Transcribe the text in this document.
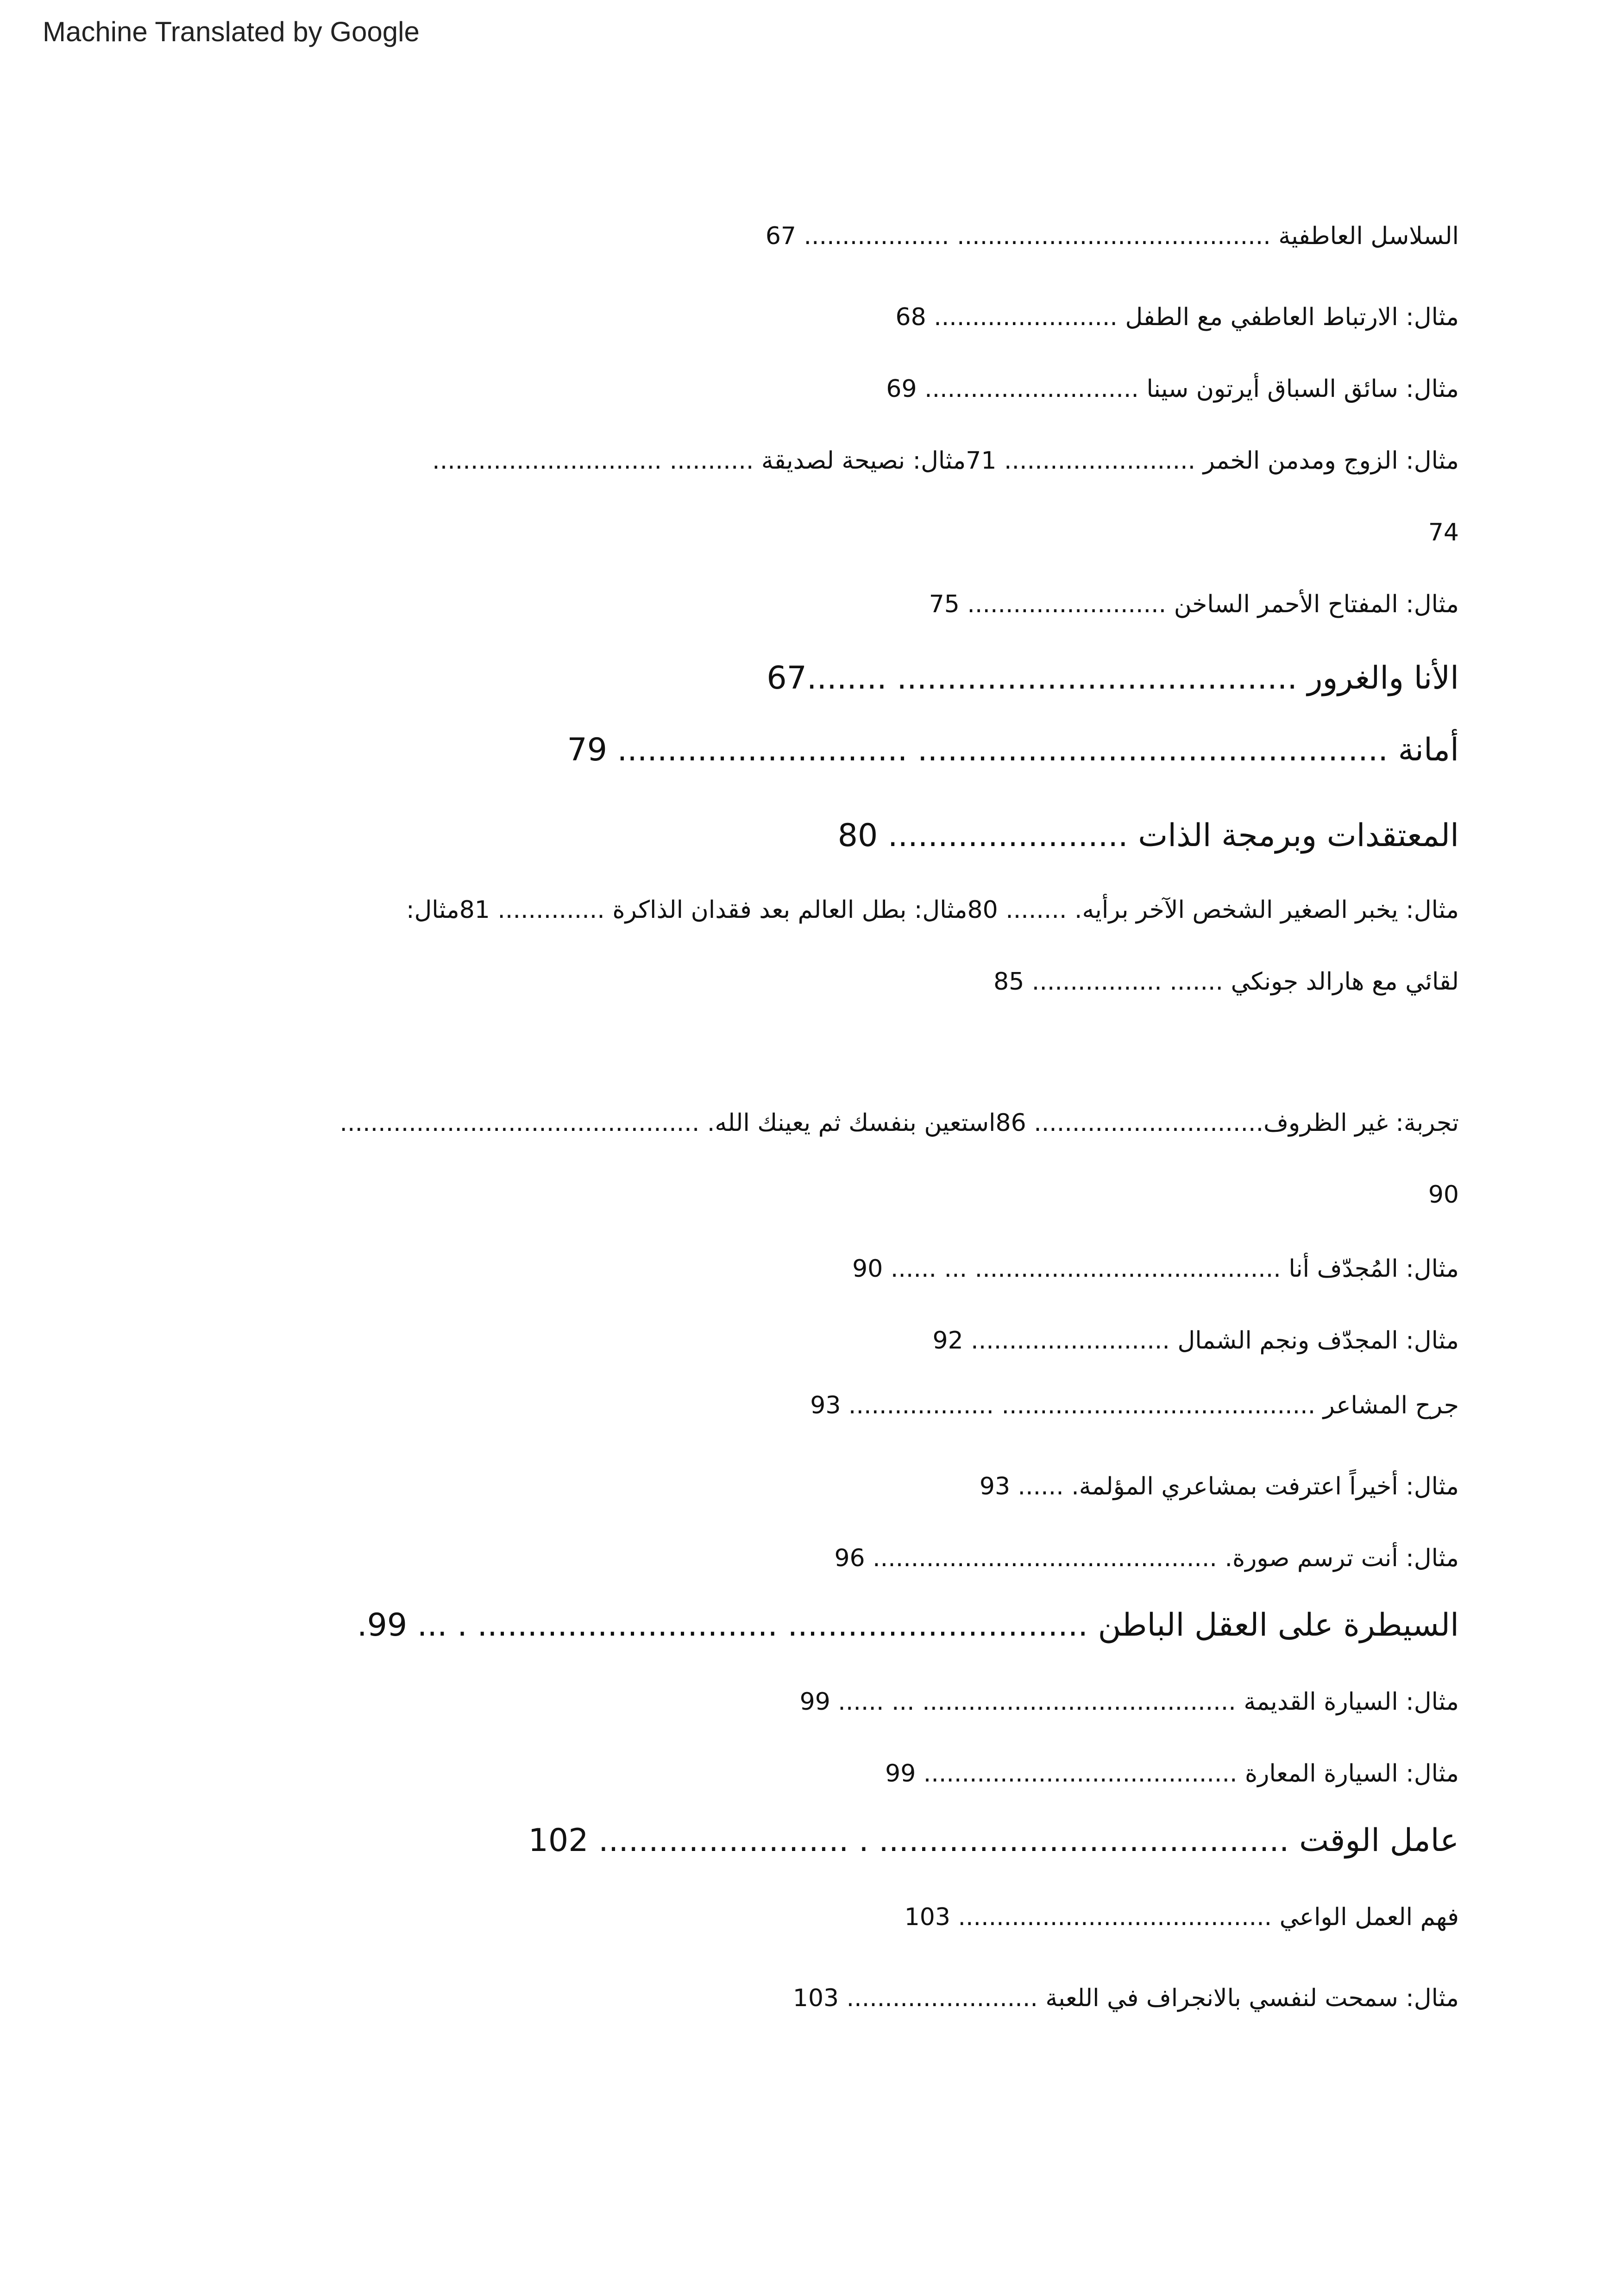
Machine Translated by Google
السلاسل العاطفية ......................................... ................... 67
مثال: الارتباط العاطفي مع الطفل ........................ 68
مثال: سائق السباق أيرتون سينا ............................ 69
مثال: الزوج ومدمن الخمر ......................... 71مثال: نصيحة لصديقة ........... ..............................
74
مثال: المفتاح الأحمر الساخن .......................... 75
الأنا والغرور ........................................ ........67
أمانة ............................................... ............................. 79
المعتقدات وبرمجة الذات ........................ 80
مثال: يخبر الصغير الشخص الآخر برأيه. ........ 80مثال: بطل العالم بعد فقدان الذاكرة .............. 81مثال:
لقائي مع هارالد جونكي ....... ................. 85
تجربة: غير الظروف.............................. 86استعين بنفسك ثم يعينك الله. ...............................................
90
مثال: المُجدّف أنا ........................................ ... ...... 90
مثال: المجدّف ونجم الشمال .......................... 92
جرح المشاعر ......................................... ................... 93
مثال: أخيراً اعترفت بمشاعري المؤلمة. ...... 93
مثال: أنت ترسم صورة. ............................................. 96
السيطرة على العقل الباطن .............................. .............................. . ... 99.
مثال: السيارة القديمة ......................................... ... ...... 99
مثال: السيارة المعارة ......................................... 99
عامل الوقت ......................................... . ......................... 102
فهم العمل الواعي ......................................... 103
مثال: سمحت لنفسي بالانجراف في اللعبة ......................... 103
